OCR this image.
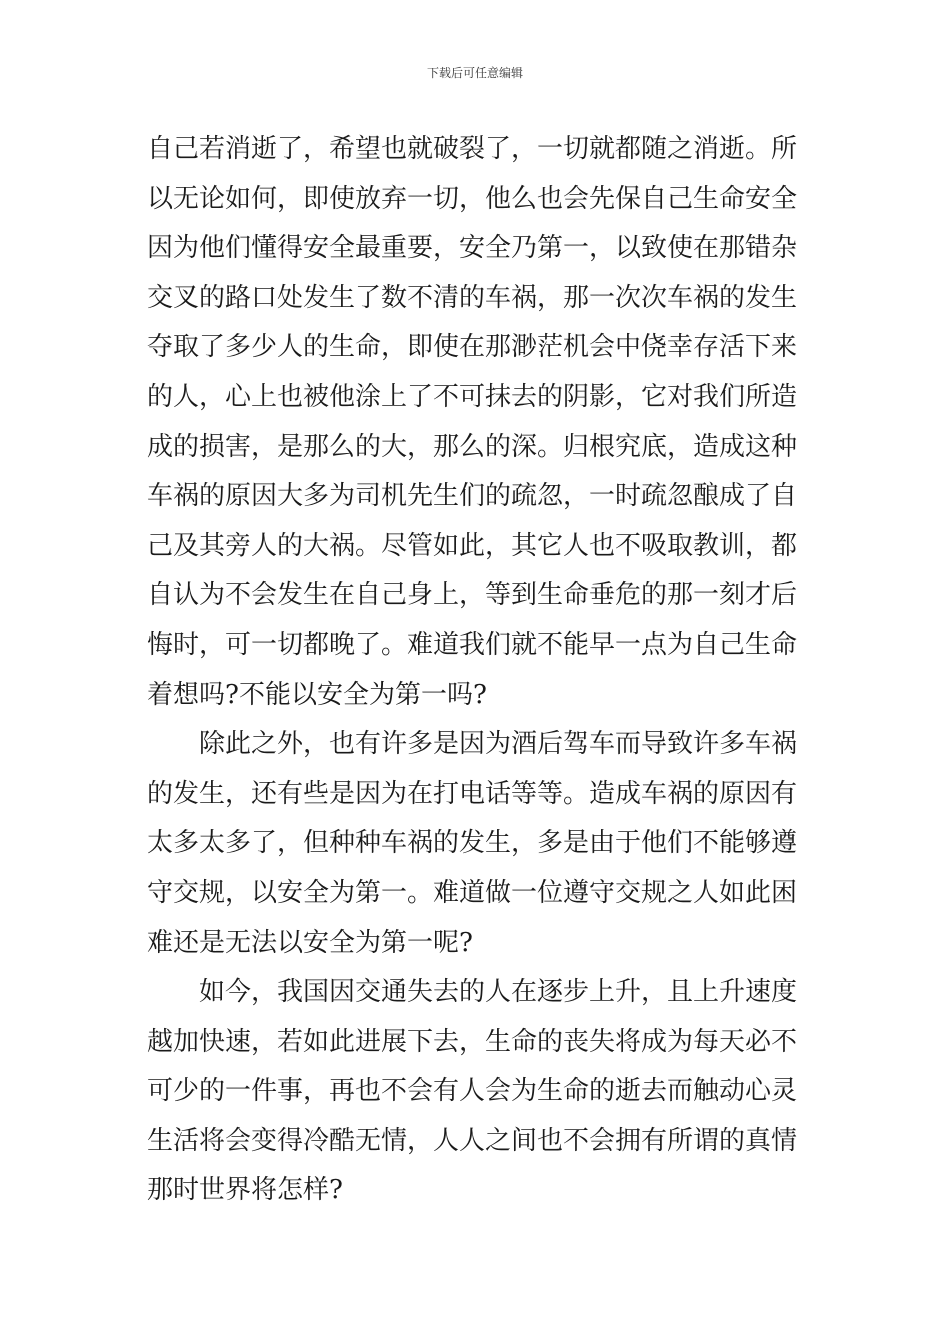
下载后可任意编辑
自己若消逝了，希望也就破裂了，一切就都随之消逝。所
以无论如何，即使放弃一切，他么也会先保自己生命安全
因为他们懂得安全最重要，安全乃第一，以致使在那错杂
交叉的路口处发生了数不清的车祸，那一次次车祸的发生
夺取了多少人的生命，即使在那渺茫机会中侥幸存活下来
的人，心上也被他涂上了不可抹去的阴影，它对我们所造
成的损害，是那么的大，那么的深。归根究底，造成这种
车祸的原因大多为司机先生们的疏忽，一时疏忽酿成了自
己及其旁人的大祸。尽管如此，其它人也不吸取教训，都
自认为不会发生在自己身上，等到生命垂危的那一刻才后
悔时，可一切都晚了。难道我们就不能早一点为自己生命
着想吗?不能以安全为第一吗?
除此之外，也有许多是因为酒后驾车而导致许多车祸
的发生，还有些是因为在打电话等等。造成车祸的原因有
太多太多了，但种种车祸的发生，多是由于他们不能够遵
守交规，以安全为第一。难道做一位遵守交规之人如此困
难还是无法以安全为第一呢?
如今，我国因交通失去的人在逐步上升，且上升速度
越加快速，若如此进展下去，生命的丧失将成为每天必不
可少的一件事，再也不会有人会为生命的逝去而触动心灵
生活将会变得冷酷无情，人人之间也不会拥有所谓的真情
那时世界将怎样?
